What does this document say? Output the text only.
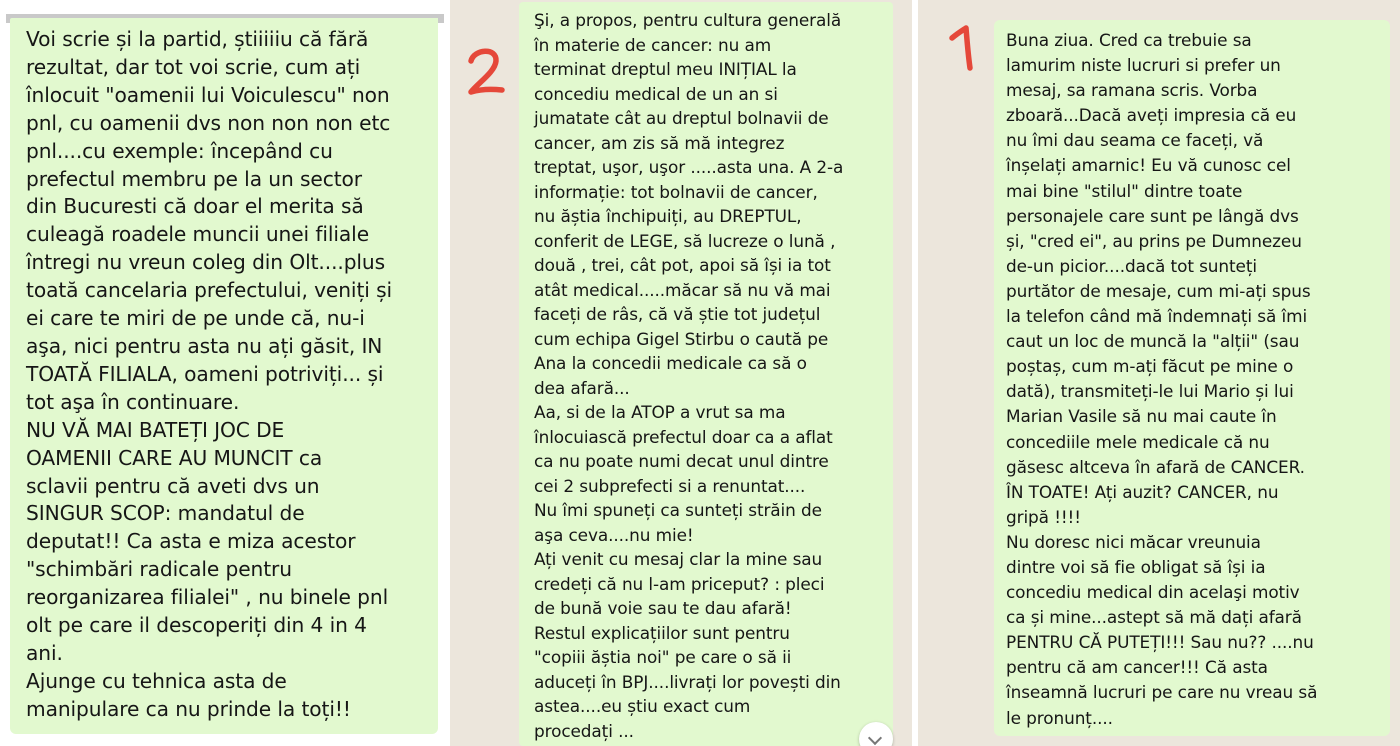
Voi scrie și la partid, știiiiiu că fără
rezultat, dar tot voi scrie, cum ați
înlocuit "oamenii lui Voiculescu" non
pnl, cu oamenii dvs non non non etc
pnl....cu exemple: începând cu
prefectul membru pe la un sector
din Bucuresti că doar el merita să
culeagă roadele muncii unei filiale
întregi nu vreun coleg din Olt....plus
toată cancelaria prefectului, veniți și
ei care te miri de pe unde că, nu-i
aşa, nici pentru asta nu ați găsit, IN
TOATĂ FILIALA, oameni potriviți... și
tot aşa în continuare.
NU VĂ MAI BATEȚI JOC DE
OAMENII CARE AU MUNCIT ca
sclavii pentru că aveti dvs un
SINGUR SCOP: mandatul de
deputat!! Ca asta e miza acestor
"schimbări radicale pentru
reorganizarea filialei" , nu binele pnl
olt pe care il descoperiți din 4 in 4
ani.
Ajunge cu tehnica asta de
manipulare ca nu prinde la toți!!
Şi, a propos, pentru cultura generală
în materie de cancer: nu am
terminat dreptul meu INIȚIAL la
concediu medical de un an si
jumatate cât au dreptul bolnavii de
cancer, am zis să mă integrez
treptat, uşor, uşor .....asta una. A 2-a
informație: tot bolnavii de cancer,
nu ăștia închipuiți, au DREPTUL,
conferit de LEGE, să lucreze o lună ,
două , trei, cât pot, apoi să își ia tot
atât medical.....măcar să nu vă mai
faceți de râs, că vă știe tot județul
cum echipa Gigel Stirbu o caută pe
Ana la concedii medicale ca să o
dea afară...
Aa, si de la ATOP a vrut sa ma
înlocuiască prefectul doar ca a aflat
ca nu poate numi decat unul dintre
cei 2 subprefecti si a renuntat....
Nu îmi spuneți ca sunteți străin de
aşa ceva....nu mie!
Ați venit cu mesaj clar la mine sau
credeți că nu l-am priceput? : pleci
de bună voie sau te dau afară!
Restul explicațiilor sunt pentru
"copiii ăștia noi" pe care o să ii
aduceți în BPJ....livrați lor povești din
astea....eu știu exact cum
procedați ...
Buna ziua. Cred ca trebuie sa
lamurim niste lucruri si prefer un
mesaj, sa ramana scris. Vorba
zboară...Dacă aveți impresia că eu
nu îmi dau seama ce faceți, vă
înșelați amarnic! Eu vă cunosc cel
mai bine "stilul" dintre toate
personajele care sunt pe lângă dvs
și, "cred ei", au prins pe Dumnezeu
de-un picior....dacă tot sunteți
purtător de mesaje, cum mi-ați spus
la telefon când mă îndemnați să îmi
caut un loc de muncă la "alții" (sau
poștaș, cum m-ați făcut pe mine o
dată), transmiteți-le lui Mario și lui
Marian Vasile să nu mai caute în
concediile mele medicale că nu
găsesc altceva în afară de CANCER.
ÎN TOATE! Ați auzit? CANCER, nu
gripă !!!!
Nu doresc nici măcar vreunuia
dintre voi să fie obligat să își ia
concediu medical din acelaşi motiv
ca și mine...astept să mă dați afară
PENTRU CĂ PUTEȚI!!! Sau nu?? ....nu
pentru că am cancer!!! Că asta
înseamnă lucruri pe care nu vreau să
le pronunț....
